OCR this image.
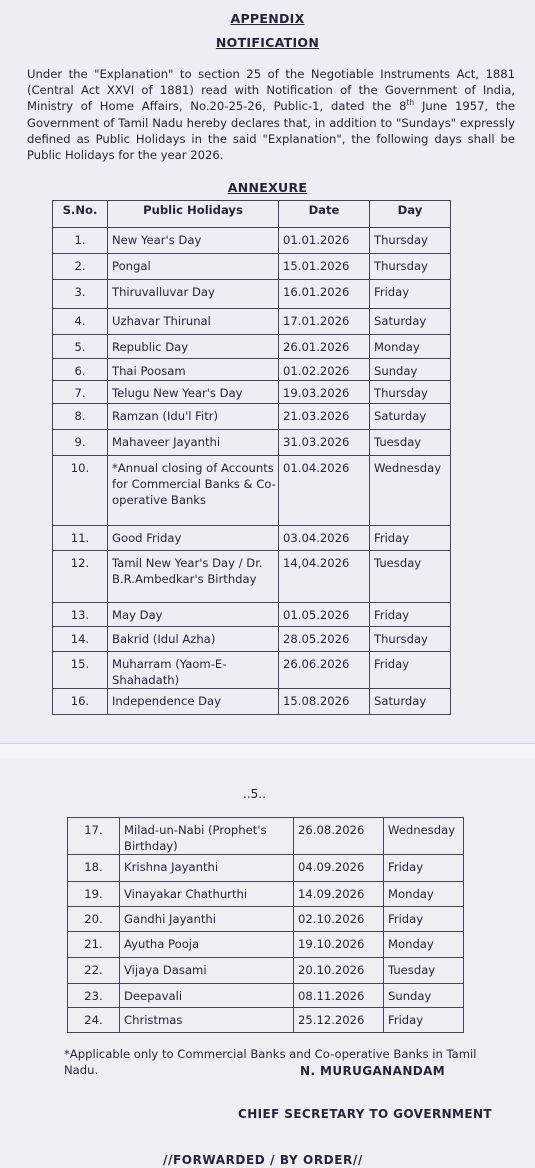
APPENDIX
NOTIFICATION
Under the "Explanation" to section 25 of the Negotiable Instruments Act, 1881 (Central Act XXVI of 1881) read with Notification of the Government of India, Ministry of Home Affairs, No.20-25-26, Public-1, dated the 8th June 1957, the Government of Tamil Nadu hereby declares that, in addition to "Sundays" expressly defined as Public Holidays in the said "Explanation", the following days shall be Public Holidays for the year 2026.
ANNEXURE
S.No.	Public Holidays	Date	Day
1.	New Year's Day	01.01.2026	Thursday
2.	Pongal	15.01.2026	Thursday
3.	Thiruvalluvar Day	16.01.2026	Friday
4.	Uzhavar Thirunal	17.01.2026	Saturday
5.	Republic Day	26.01.2026	Monday
6.	Thai Poosam	01.02.2026	Sunday
7.	Telugu New Year's Day	19.03.2026	Thursday
8.	Ramzan (Idu'l Fitr)	21.03.2026	Saturday
9.	Mahaveer Jayanthi	31.03.2026	Tuesday
10.	*Annual closing of Accounts for Commercial Banks & Co-operative Banks	01.04.2026	Wednesday
11.	Good Friday	03.04.2026	Friday
12.	Tamil New Year's Day / Dr. B.R.Ambedkar's Birthday	14,04.2026	Tuesday
13.	May Day	01.05.2026	Friday
14.	Bakrid (Idul Azha)	28.05.2026	Thursday
15.	Muharram (Yaom-E-Shahadath)	26.06.2026	Friday
16.	Independence Day	15.08.2026	Saturday
..5..
17.	Milad-un-Nabi (Prophet's Birthday)	26.08.2026	Wednesday
18.	Krishna Jayanthi	04.09.2026	Friday
19.	Vinayakar Chathurthi	14.09.2026	Monday
20.	Gandhi Jayanthi	02.10.2026	Friday
21.	Ayutha Pooja	19.10.2026	Monday
22.	Vijaya Dasami	20.10.2026	Tuesday
23.	Deepavali	08.11.2026	Sunday
24.	Christmas	25.12.2026	Friday
*Applicable only to Commercial Banks and Co-operative Banks in Tamil Nadu.	N. MURUGANANDAM
CHIEF SECRETARY TO GOVERNMENT
//FORWARDED / BY ORDER//
